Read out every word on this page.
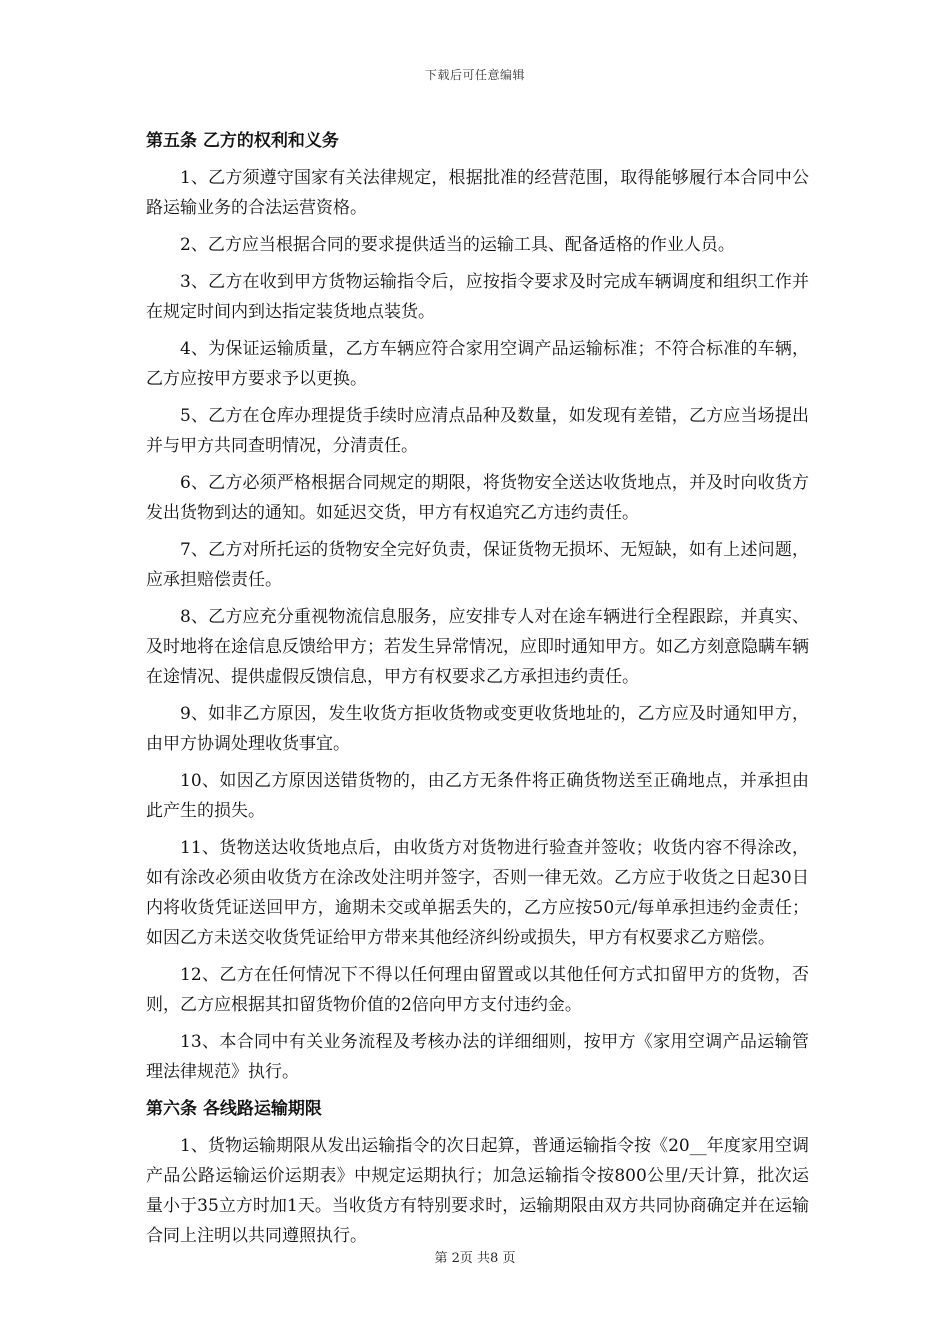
下载后可任意编辑
第五条 乙方的权利和义务

1、乙方须遵守国家有关法律规定，根据批准的经营范围，取得能够履行本合同中公路运输业务的合法运营资格。

2、乙方应当根据合同的要求提供适当的运输工具、配备适格的作业人员。

3、乙方在收到甲方货物运输指令后，应按指令要求及时完成车辆调度和组织工作并在规定时间内到达指定装货地点装货。

4、为保证运输质量，乙方车辆应符合家用空调产品运输标准；不符合标准的车辆，乙方应按甲方要求予以更换。

5、乙方在仓库办理提货手续时应清点品种及数量，如发现有差错，乙方应当场提出并与甲方共同查明情况，分清责任。

6、乙方必须严格根据合同规定的期限，将货物安全送达收货地点，并及时向收货方发出货物到达的通知。如延迟交货，甲方有权追究乙方违约责任。

7、乙方对所托运的货物安全完好负责，保证货物无损坏、无短缺，如有上述问题，应承担赔偿责任。

8、乙方应充分重视物流信息服务，应安排专人对在途车辆进行全程跟踪，并真实、及时地将在途信息反馈给甲方；若发生异常情况，应即时通知甲方。如乙方刻意隐瞒车辆在途情况、提供虚假反馈信息，甲方有权要求乙方承担违约责任。

9、如非乙方原因，发生收货方拒收货物或变更收货地址的，乙方应及时通知甲方，由甲方协调处理收货事宜。

10、如因乙方原因送错货物的，由乙方无条件将正确货物送至正确地点，并承担由此产生的损失。

11、货物送达收货地点后，由收货方对货物进行验查并签收；收货内容不得涂改，如有涂改必须由收货方在涂改处注明并签字，否则一律无效。乙方应于收货之日起30日内将收货凭证送回甲方，逾期未交或单据丢失的，乙方应按50元/每单承担违约金责任；如因乙方未送交收货凭证给甲方带来其他经济纠纷或损失，甲方有权要求乙方赔偿。

12、乙方在任何情况下不得以任何理由留置或以其他任何方式扣留甲方的货物，否则，乙方应根据其扣留货物价值的2倍向甲方支付违约金。

13、本合同中有关业务流程及考核办法的详细细则，按甲方《家用空调产品运输管理法律规范》执行。

第六条 各线路运输期限

1、货物运输期限从发出运输指令的次日起算，普通运输指令按《20__年度家用空调产品公路运输运价运期表》中规定运期执行；加急运输指令按800公里/天计算，批次运量小于35立方时加1天。当收货方有特别要求时，运输期限由双方共同协商确定并在运输合同上注明以共同遵照执行。

第 2页 共8 页
